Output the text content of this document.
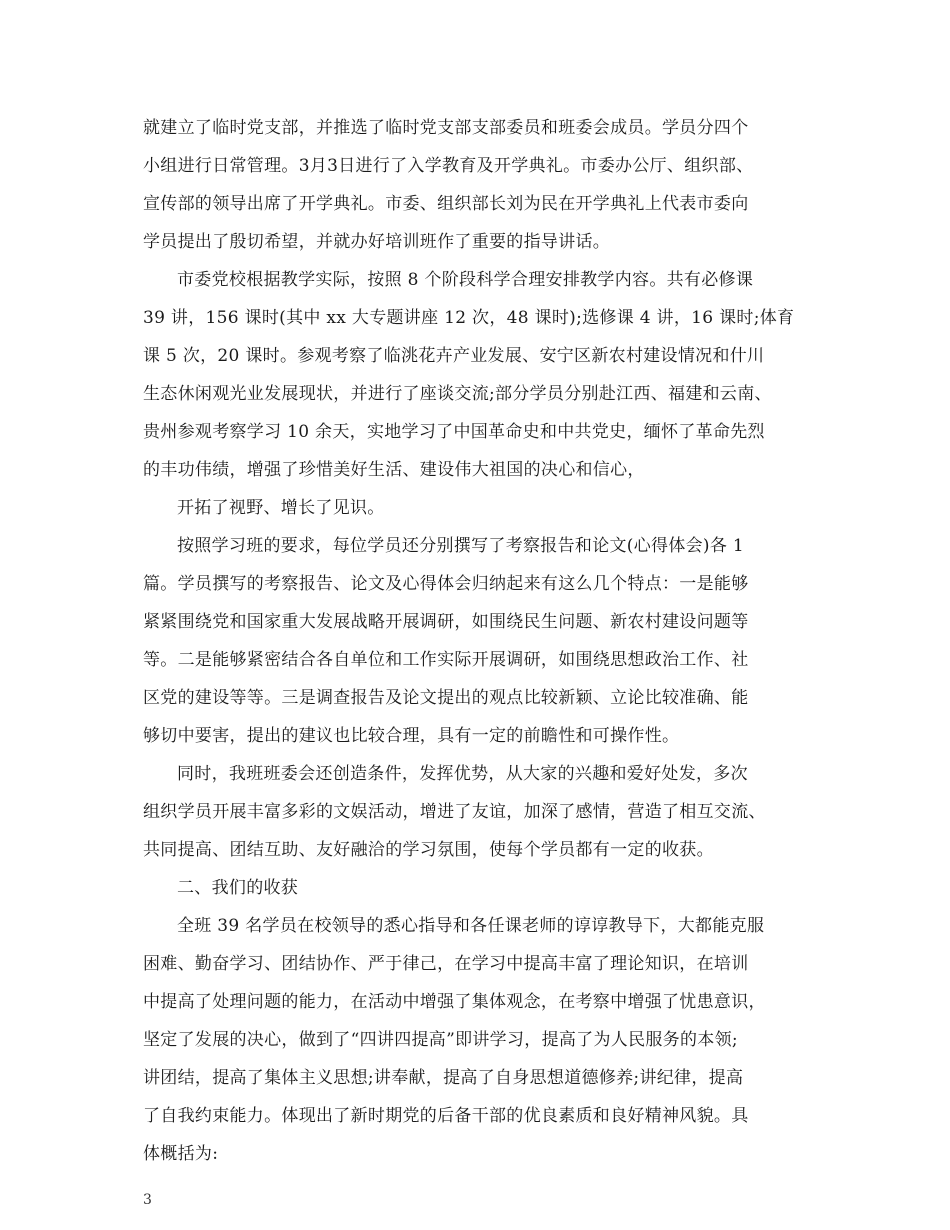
就建立了临时党支部，并推选了临时党支部支部委员和班委会成员。学员分四个
小组进行日常管理。3月3日进行了入学教育及开学典礼。市委办公厅、组织部、
宣传部的领导出席了开学典礼。市委、组织部长刘为民在开学典礼上代表市委向
学员提出了殷切希望，并就办好培训班作了重要的指导讲话。
市委党校根据教学实际，按照 8 个阶段科学合理安排教学内容。共有必修课
39 讲，156 课时(其中 xx 大专题讲座 12 次，48 课时);选修课 4 讲，16 课时;体育
课 5 次，20 课时。参观考察了临洮花卉产业发展、安宁区新农村建设情况和什川
生态休闲观光业发展现状，并进行了座谈交流;部分学员分别赴江西、福建和云南、
贵州参观考察学习 10 余天，实地学习了中国革命史和中共党史，缅怀了革命先烈
的丰功伟绩，增强了珍惜美好生活、建设伟大祖国的决心和信心，
开拓了视野、增长了见识。
按照学习班的要求，每位学员还分别撰写了考察报告和论文(心得体会)各 1
篇。学员撰写的考察报告、论文及心得体会归纳起来有这么几个特点：一是能够
紧紧围绕党和国家重大发展战略开展调研，如围绕民生问题、新农村建设问题等
等。二是能够紧密结合各自单位和工作实际开展调研，如围绕思想政治工作、社
区党的建设等等。三是调查报告及论文提出的观点比较新颖、立论比较准确、能
够切中要害，提出的建议也比较合理，具有一定的前瞻性和可操作性。
同时，我班班委会还创造条件，发挥优势，从大家的兴趣和爱好处发，多次
组织学员开展丰富多彩的文娱活动，增进了友谊，加深了感情，营造了相互交流、
共同提高、团结互助、友好融洽的学习氛围，使每个学员都有一定的收获。
二、我们的收获
全班 39 名学员在校领导的悉心指导和各任课老师的谆谆教导下，大都能克服
困难、勤奋学习、团结协作、严于律己，在学习中提高丰富了理论知识，在培训
中提高了处理问题的能力，在活动中增强了集体观念，在考察中增强了忧患意识，
坚定了发展的决心，做到了“四讲四提高”即讲学习，提高了为人民服务的本领;
讲团结，提高了集体主义思想;讲奉献，提高了自身思想道德修养;讲纪律，提高
了自我约束能力。体现出了新时期党的后备干部的优良素质和良好精神风貌。具
体概括为:
3
